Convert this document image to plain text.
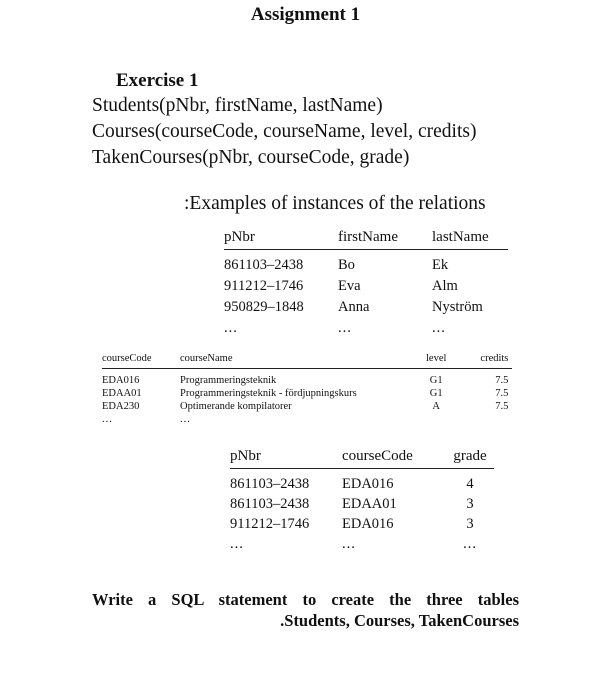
Assignment 1
Exercise 1
Students(pNbr, firstName, lastName)
Courses(courseCode, courseName, level, credits)
TakenCourses(pNbr, courseCode, grade)
:Examples of instances of the relations
pNbr	firstName	lastName
861103–2438	Bo	Ek
911212–1746	Eva	Alm
950829–1848	Anna	Nyström
...	...	...
courseCode	courseName	level	credits
EDA016	Programmeringsteknik	G1	7.5
EDAA01	Programmeringsteknik - fördjupningskurs	G1	7.5
EDA230	Optimerande kompilatorer	A	7.5
...	...		
pNbr	courseCode	grade
861103–2438	EDA016	4
861103–2438	EDAA01	3
911212–1746	EDA016	3
...	...	...
Write a SQL statement to create the three tables
.Students, Courses, TakenCourses
